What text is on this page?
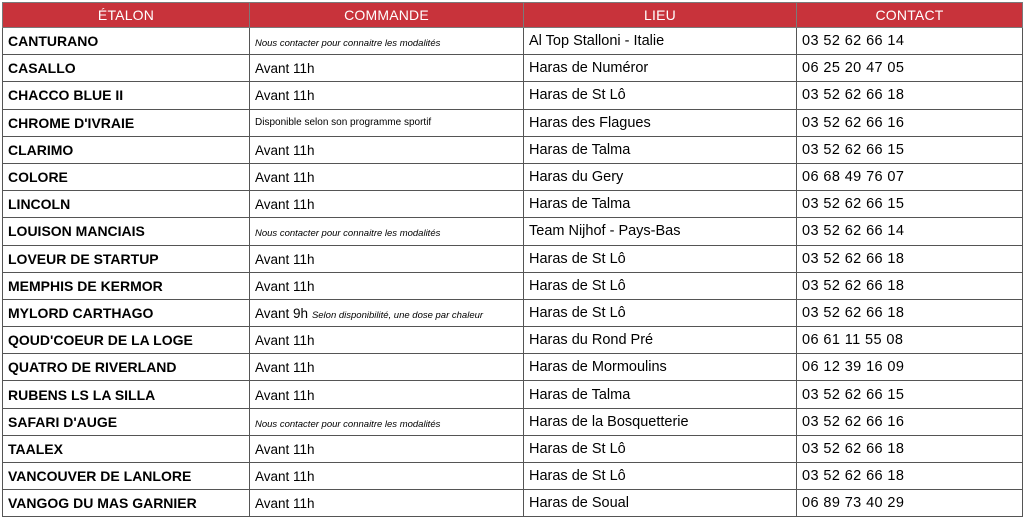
ÉTALON	COMMANDE	LIEU	CONTACT
CANTURANO	Nous contacter pour connaitre les modalités	Al Top Stalloni - Italie	03 52 62 66 14
CASALLO	Avant 11h	Haras de Numéror	06 25 20 47 05
CHACCO BLUE II	Avant 11h	Haras de St Lô	03 52 62 66 18
CHROME D'IVRAIE	Disponible selon son programme sportif	Haras des Flagues	03 52 62 66 16
CLARIMO	Avant 11h	Haras de Talma	03 52 62 66 15
COLORE	Avant 11h	Haras du Gery	06 68 49 76 07
LINCOLN	Avant 11h	Haras de Talma	03 52 62 66 15
LOUISON MANCIAIS	Nous contacter pour connaitre les modalités	Team Nijhof - Pays-Bas	03 52 62 66 14
LOVEUR DE STARTUP	Avant 11h	Haras de St Lô	03 52 62 66 18
MEMPHIS DE KERMOR	Avant 11h	Haras de St Lô	03 52 62 66 18
MYLORD CARTHAGO	Avant 9h Selon disponibilité, une dose par chaleur	Haras de St Lô	03 52 62 66 18
QOUD'COEUR DE LA LOGE	Avant 11h	Haras du Rond Pré	06 61 11 55 08
QUATRO DE RIVERLAND	Avant 11h	Haras de Mormoulins	06 12 39 16 09
RUBENS LS LA SILLA	Avant 11h	Haras de Talma	03 52 62 66 15
SAFARI D'AUGE	Nous contacter pour connaitre les modalités	Haras de la Bosquetterie	03 52 62 66 16
TAALEX	Avant 11h	Haras de St Lô	03 52 62 66 18
VANCOUVER DE LANLORE	Avant 11h	Haras de St Lô	03 52 62 66 18
VANGOG DU MAS GARNIER	Avant 11h	Haras de Soual	06 89 73 40 29
